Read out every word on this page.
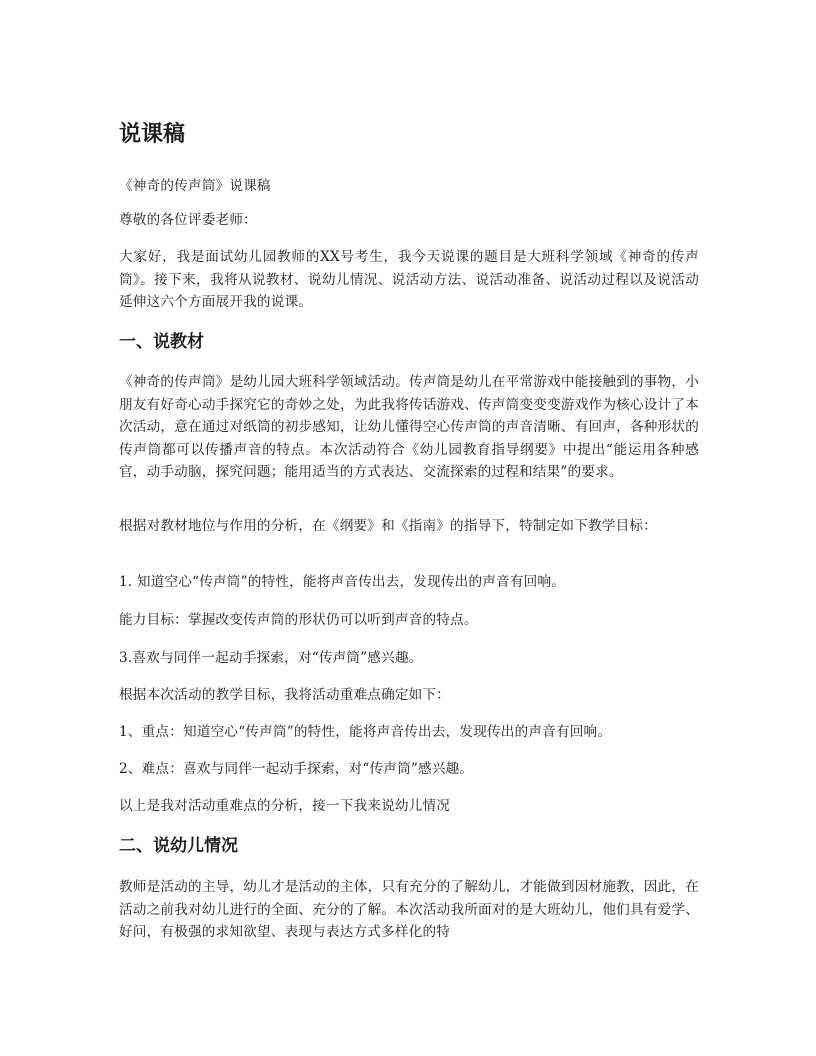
说课稿

《神奇的传声筒》说课稿

尊敬的各位评委老师：

大家好，我是面试幼儿园教师的XX号考生，我今天说课的题目是大班科学领域《神奇的传声筒》。接下来，我将从说教材、说幼儿情况、说活动方法、说活动准备、说活动过程以及说活动延伸这六个方面展开我的说课。

一、说教材

《神奇的传声筒》是幼儿园大班科学领域活动。传声筒是幼儿在平常游戏中能接触到的事物，小朋友有好奇心动手探究它的奇妙之处，为此我将传话游戏、传声筒变变变游戏作为核心设计了本次活动，意在通过对纸筒的初步感知，让幼儿懂得空心传声筒的声音清晰、有回声，各种形状的传声筒都可以传播声音的特点。本次活动符合《幼儿园教育指导纲要》中提出“能运用各种感官，动手动脑，探究问题；能用适当的方式表达、交流探索的过程和结果”的要求。

根据对教材地位与作用的分析，在《纲要》和《指南》的指导下，特制定如下教学目标：

1. 知道空心“传声筒”的特性，能将声音传出去，发现传出的声音有回响。

能力目标：掌握改变传声筒的形状仍可以听到声音的特点。

3.喜欢与同伴一起动手探索，对“传声筒”感兴趣。

根据本次活动的教学目标，我将活动重难点确定如下：

1、重点：知道空心“传声筒”的特性，能将声音传出去，发现传出的声音有回响。

2、难点：喜欢与同伴一起动手探索，对“传声筒”感兴趣。

以上是我对活动重难点的分析，接一下我来说幼儿情况

二、说幼儿情况

教师是活动的主导，幼儿才是活动的主体，只有充分的了解幼儿，才能做到因材施教，因此，在活动之前我对幼儿进行的全面、充分的了解。本次活动我所面对的是大班幼儿，他们具有爱学、好问，有极强的求知欲望、表现与表达方式多样化的特
